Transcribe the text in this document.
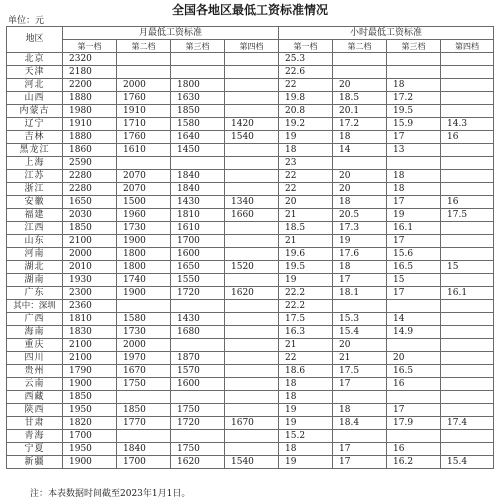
全国各地区最低工资标准情况
单位：元
地区	月最低工资标准				小时最低工资标准			
	第一档	第二档	第三档	第四档	第一档	第二档	第三档	第四档
北京	2320				25.3			
天津	2180				22.6			
河北	2200	2000	1800		22	20	18	
山西	1880	1760	1630		19.8	18.5	17.2	
内蒙古	1980	1910	1850		20.8	20.1	19.5	
辽宁	1910	1710	1580	1420	19.2	17.2	15.9	14.3
吉林	1880	1760	1640	1540	19	18	17	16
黑龙江	1860	1610	1450		18	14	13	
上海	2590				23			
江苏	2280	2070	1840		22	20	18	
浙江	2280	2070	1840		22	20	18	
安徽	1650	1500	1430	1340	20	18	17	16
福建	2030	1960	1810	1660	21	20.5	19	17.5
江西	1850	1730	1610		18.5	17.3	16.1	
山东	2100	1900	1700		21	19	17	
河南	2000	1800	1600		19.6	17.6	15.6	
湖北	2010	1800	1650	1520	19.5	18	16.5	15
湖南	1930	1740	1550		19	17	15	
广东	2300	1900	1720	1620	22.2	18.1	17	16.1
其中：深圳	2360				22.2			
广西	1810	1580	1430		17.5	15.3	14	
海南	1830	1730	1680		16.3	15.4	14.9	
重庆	2100	2000			21	20		
四川	2100	1970	1870		22	21	20	
贵州	1790	1670	1570		18.6	17.5	16.5	
云南	1900	1750	1600		18	17	16	
西藏	1850				18			
陕西	1950	1850	1750		19	18	17	
甘肃	1820	1770	1720	1670	19	18.4	17.9	17.4
青海	1700				15.2			
宁夏	1950	1840	1750		18	17	16	
新疆	1900	1700	1620	1540	19	17	16.2	15.4
注：本表数据时间截至2023年1月1日。
